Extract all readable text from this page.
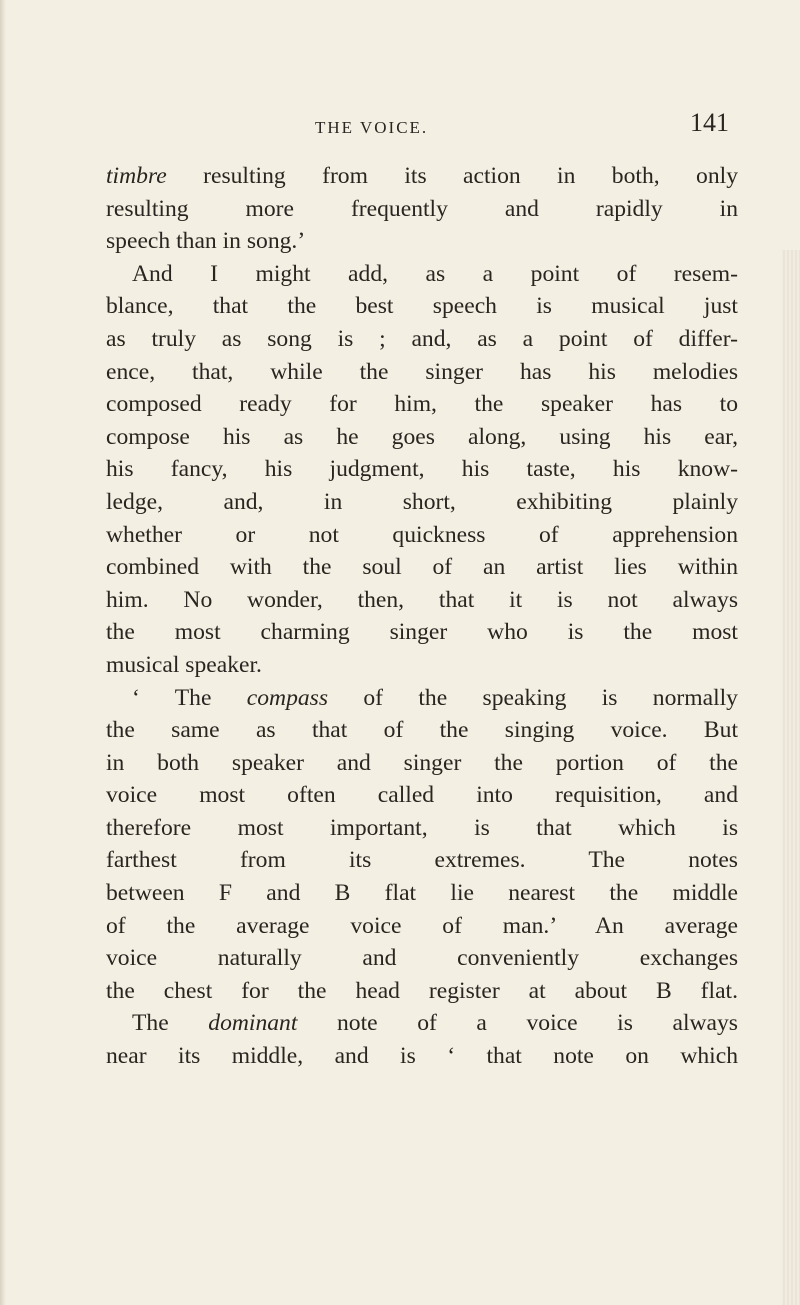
THE VOICE.	141
timbre resulting from its action in both, only
resulting more frequently and rapidly in
speech than in song.’
And I might add, as a point of resem-
blance, that the best speech is musical just
as truly as song is ; and, as a point of differ-
ence, that, while the singer has his melodies
composed ready for him, the speaker has to
compose his as he goes along, using his ear,
his fancy, his judgment, his taste, his know-
ledge, and, in short, exhibiting plainly
whether or not quickness of apprehension
combined with the soul of an artist lies within
him. No wonder, then, that it is not always
the most charming singer who is the most
musical speaker.
‘ The compass of the speaking is normally
the same as that of the singing voice. But
in both speaker and singer the portion of the
voice most often called into requisition, and
therefore most important, is that which is
farthest from its extremes. The notes
between F and B flat lie nearest the middle
of the average voice of man.’ An average
voice naturally and conveniently exchanges
the chest for the head register at about B flat.
The dominant note of a voice is always
near its middle, and is ‘ that note on which
